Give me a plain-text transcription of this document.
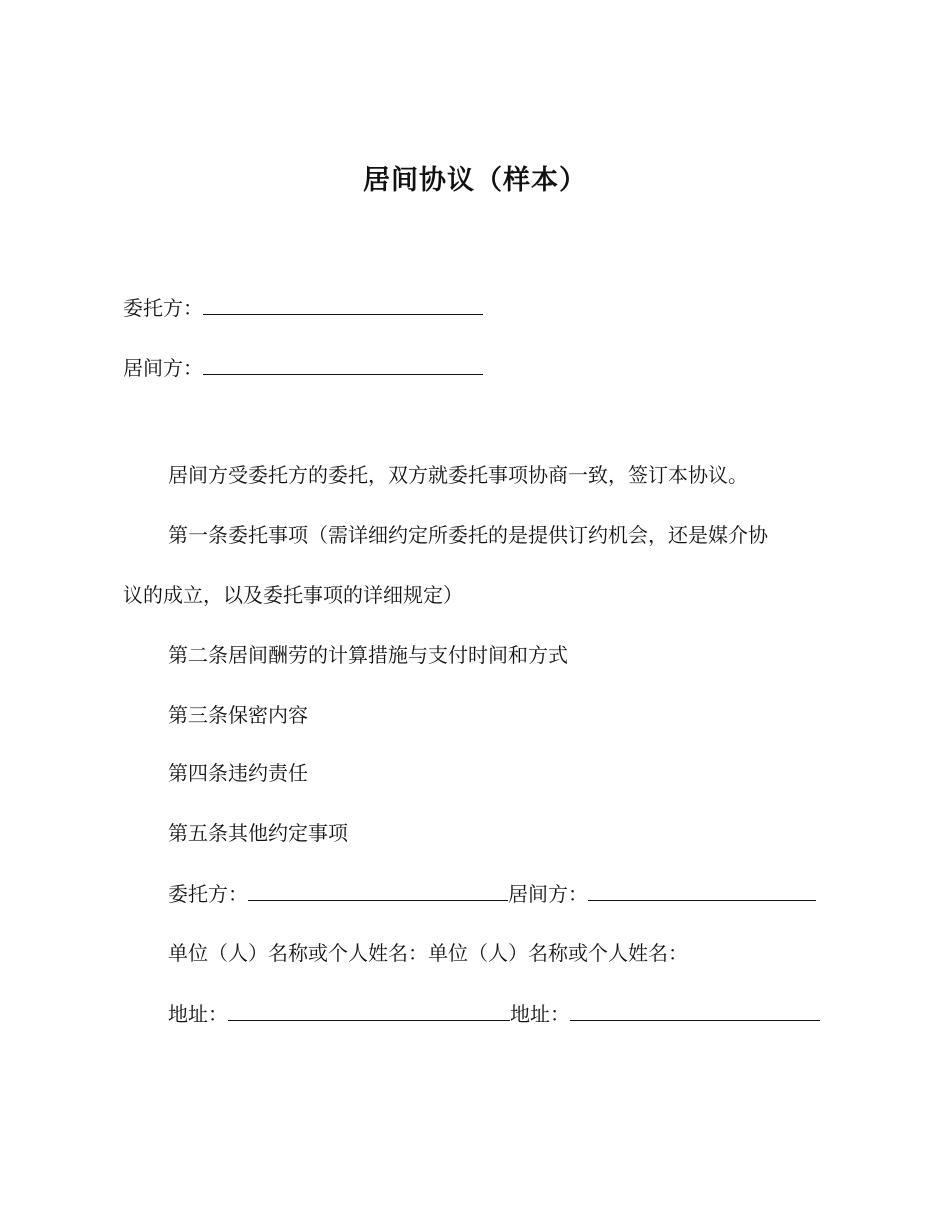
居间协议（样本）
委托方：
居间方：
居间方受委托方的委托，双方就委托事项协商一致，签订本协议。
第一条委托事项（需详细约定所委托的是提供订约机会，还是媒介协
议的成立，以及委托事项的详细规定）
第二条居间酬劳的计算措施与支付时间和方式
第三条保密内容
第四条违约责任
第五条其他约定事项
委托方：	居间方：
单位（人）名称或个人姓名：单位（人）名称或个人姓名：
地址：	地址：
